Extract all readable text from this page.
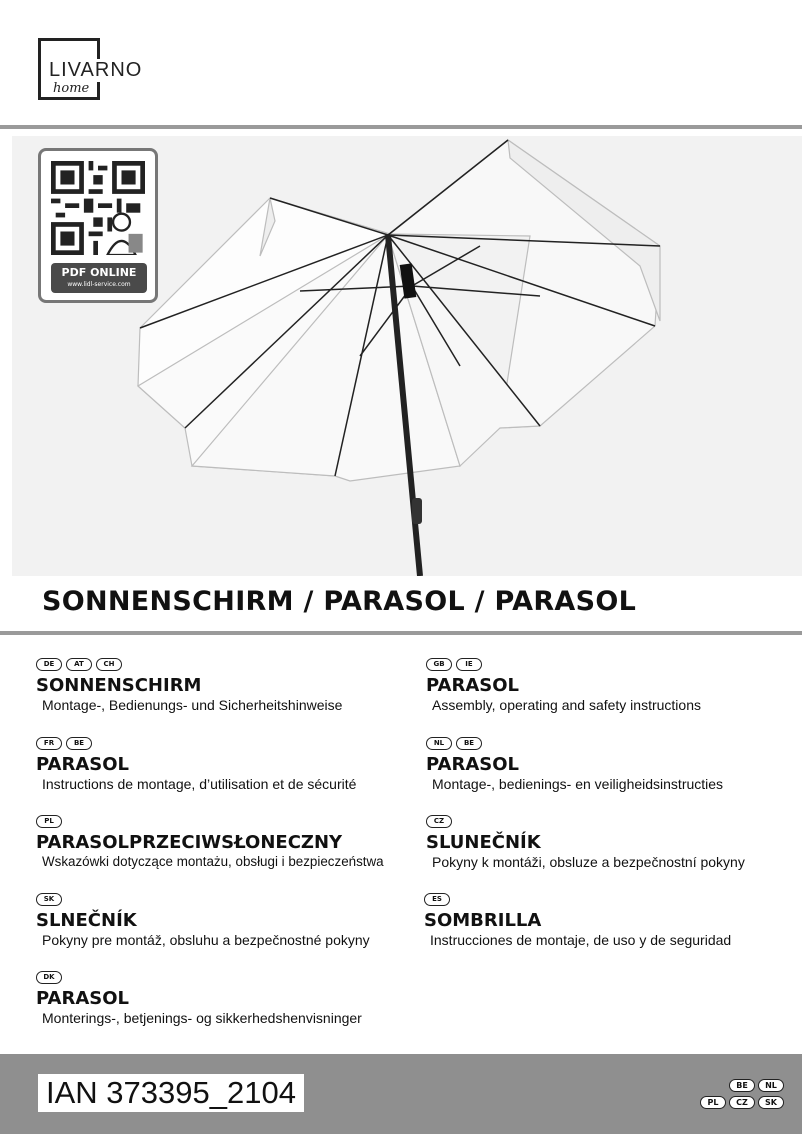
LIVARNO
home
PDF ONLINE
www.lidl-service.com
SONNENSCHIRM / PARASOL / PARASOL
DE	AT	CH
SONNENSCHIRM
Montage-, Bedienungs- und Sicherheitshinweise
GB	IE
PARASOL
Assembly, operating and safety instructions
FR	BE
PARASOL
Instructions de montage, d’utilisation et de sécurité
NL	BE
PARASOL
Montage-, bedienings- en veiligheidsinstructies
PL
PARASOLPRZECIWSŁONECZNY
Wskazówki dotyczące montażu, obsługi i bezpieczeństwa
CZ
SLUNEČNÍK
Pokyny k montáži, obsluze a bezpečnostní pokyny
SK
SLNEČNÍK
Pokyny pre montáž, obsluhu a bezpečnostné pokyny
ES
SOMBRILLA
Instrucciones de montaje, de uso y de seguridad
DK
PARASOL
Monterings-, betjenings- og sikkerhedshenvisninger
IAN 373395_2104	BE	NL
PL	CZ	SK
